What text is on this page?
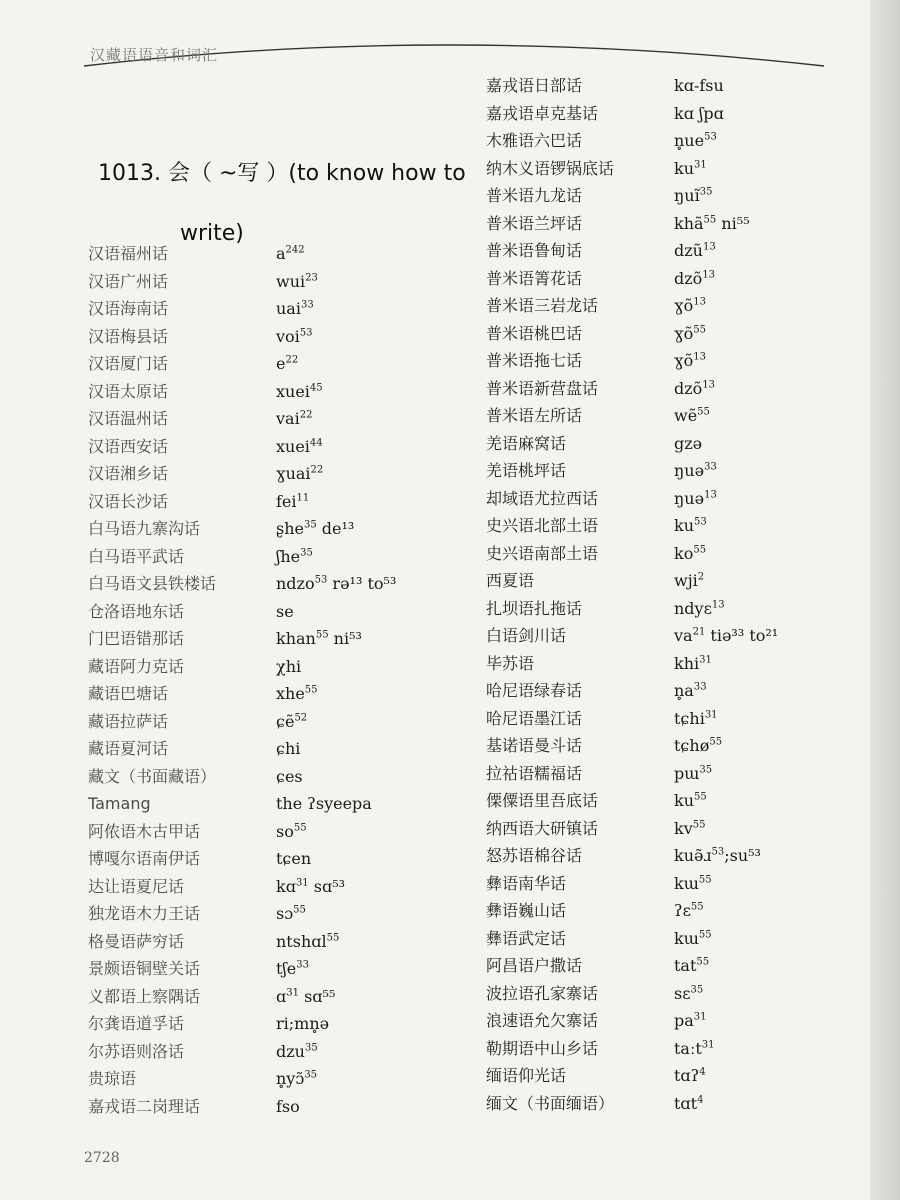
汉藏语语音和词汇
1013. 会（ ~写 ）(to know how to
write)
汉语福州话	$a^{242}$
汉语广州话	wui$^{23}$
汉语海南话	uai$^{33}$
汉语梅县话	voi$^{53}$
汉语厦门话	$e^{22}$
汉语太原话	xuei$^{45}$
汉语温州话	vai$^{22}$
汉语西安话	xuei$^{44}$
汉语湘乡话	ɣuai$^{22}$
汉语长沙话	fei$^{11}$
白马语九寨沟话	ʂhe$^{35}$ de¹³
白马语平武话	ʃhe$^{35}$
白马语文县铁楼话	ndzo$^{53}$ rə¹³ to⁵³
仓洛语地东话	se
门巴语错那话	khan$^{55}$ ni⁵³
藏语阿力克话	χhi
藏语巴塘话	xhe$^{55}$
藏语拉萨话	ɕẽ$^{52}$
藏语夏河话	ɕhi
藏文（书面藏语）	ɕes
Tamang	the ʔsyeepa
阿侬语木古甲话	$so^{55}$
博嘎尔语南伊话	tɕen
达让语夏尼话	kɑ$^{31}$ sɑ⁵³
独龙语木力王话	sɔ$^{55}$
格曼语萨穷话	ntshɑl$^{55}$
景颇语铜壁关话	tʃe$^{33}$
义都语上察隅话	ɑ$^{31}$ sɑ⁵⁵
尔龚语道孚话	ri;mn̥ə
尔苏语则洛话	dzu$^{35}$
贵琼语	n̥yɔ̃$^{35}$
嘉戎语二岗理话	fso
嘉戎语日部话	kɑ-fsu
嘉戎语卓克基话	kɑ ʃpɑ
木雅语六巴话	$n̥ue^{53}$
纳木义语锣锅底话	$ku^{31}$
普米语九龙话	ŋuĩ$^{35}$
普米语兰坪话	khã$^{55}$ ni⁵⁵
普米语鲁甸话	dzũ$^{13}$
普米语箐花话	dzõ$^{13}$
普米语三岩龙话	ɣõ$^{13}$
普米语桃巴话	ɣõ$^{55}$
普米语拖七话	ɣõ$^{13}$
普米语新营盘话	dzõ$^{13}$
普米语左所话	wẽ$^{55}$
羌语麻窝话	gzə
羌语桃坪话	ŋuə$^{33}$
却域语尤拉西话	ŋuə$^{13}$
史兴语北部土语	$ku^{53}$
史兴语南部土语	$ko^{55}$
西夏语	wji$^2$
扎坝语扎拖话	ndyɛ$^{13}$
白语剑川话	$va^{21}$ tiə³³ to²¹
毕苏语	khi$^{31}$
哈尼语绿春话	$n̥a^{33}$
哈尼语墨江话	tɕhi$^{31}$
基诺语曼斗话	tɕhø$^{55}$
拉祜语糯福话	pɯ$^{35}$
傈僳语里吾底话	$ku^{55}$
纳西语大研镇话	$kv^{55}$
怒苏语棉谷话	kuə̃ɹ$^{53}$;su⁵³
彝语南华话	kɯ$^{55}$
彝语巍山话	ʔɛ$^{55}$
彝语武定话	kɯ$^{55}$
阿昌语户撒话	tat$^{55}$
波拉语孔家寨话	sɛ$^{35}$
浪速语允欠寨话	$pa^{31}$
勒期语中山乡话	taːt$^{31}$
缅语仰光话	tɑʔ$^4$
缅文（书面缅语）	tɑt$^4$
2728
